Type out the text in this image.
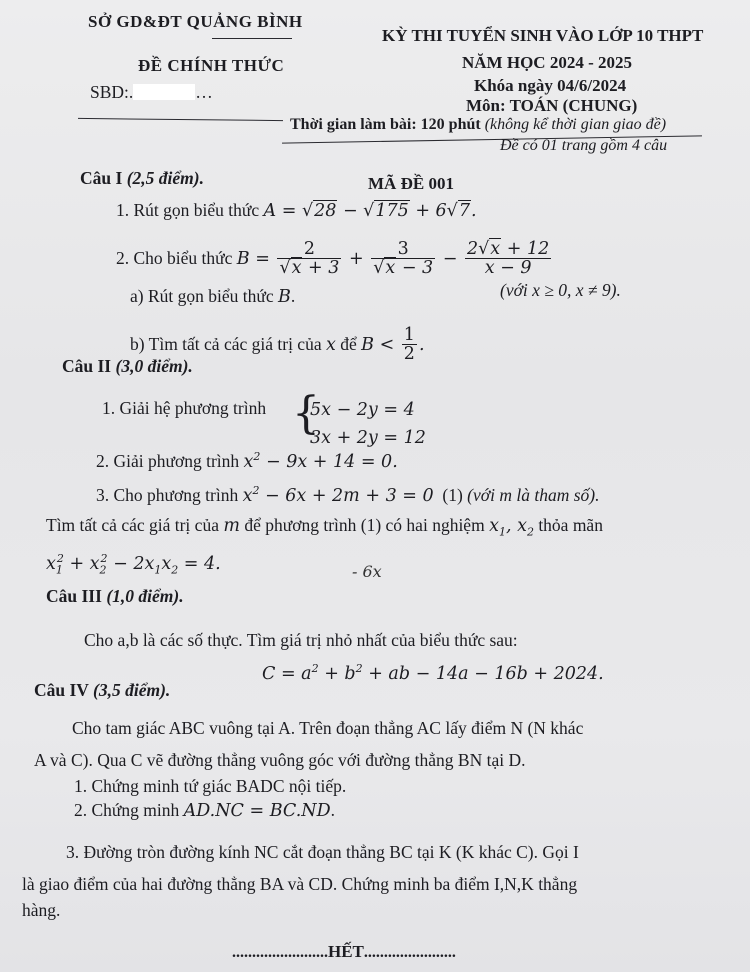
SỞ GD&ĐT QUẢNG BÌNH
ĐỀ CHÍNH THỨC
SBD:.	…
KỲ THI TUYỂN SINH VÀO LỚP 10 THPT
NĂM HỌC 2024 - 2025
Khóa ngày 04/6/2024
Môn: TOÁN (CHUNG)
Thời gian làm bài: 120 phút (không kể thời gian giao đề)
Đề có 01 trang gồm 4 câu
Câu I (2,5 điểm).	MÃ ĐỀ 001
1. Rút gọn biểu thức A = √28 − √175 + 6√7.
2. Cho biểu thức $B = \frac{2}{√x + 3} + \frac{3}{√x - 3} - \frac{2√x + 12}{x - 9}$
(với x ≥ 0, x ≠ 9).
a) Rút gọn biểu thức B.
b) Tìm tất cả các giá trị của x để $B < \frac{1}{2}$ .
Câu II (3,0 điểm).
1. Giải hệ phương trình {
5x − 2y = 4
3x + 2y = 12
2. Giải phương trình $x^2 - 9x + 14 = 0$.
3. Cho phương trình $x^2 - 6x + 2m + 3 = 0$ (1) (với m là tham số).
Tìm tất cả các giá trị của m để phương trình (1) có hai nghiệm $x_1$, $x_2$ thỏa mãn
$x_1^2 + x_2^2 - 2x_1x_2 = 4$.	- 6x
Câu III (1,0 điểm).
Cho a,b là các số thực. Tìm giá trị nhỏ nhất của biểu thức sau:
$C = a^2 + b^2$ + ab − 14a − 16b + 2024.
Câu IV (3,5 điểm).
Cho tam giác ABC vuông tại A. Trên đoạn thẳng AC lấy điểm N (N khác
A và C). Qua C vẽ đường thẳng vuông góc với đường thẳng BN tại D.
1. Chứng minh tứ giác BADC nội tiếp.
2. Chứng minh AD.NC = BC.ND.
3. Đường tròn đường kính NC cắt đoạn thẳng BC tại K (K khác C). Gọi I
là giao điểm của hai đường thẳng BA và CD. Chứng minh ba điểm I,N,K thẳng
hàng.
........................HẾT.......................
